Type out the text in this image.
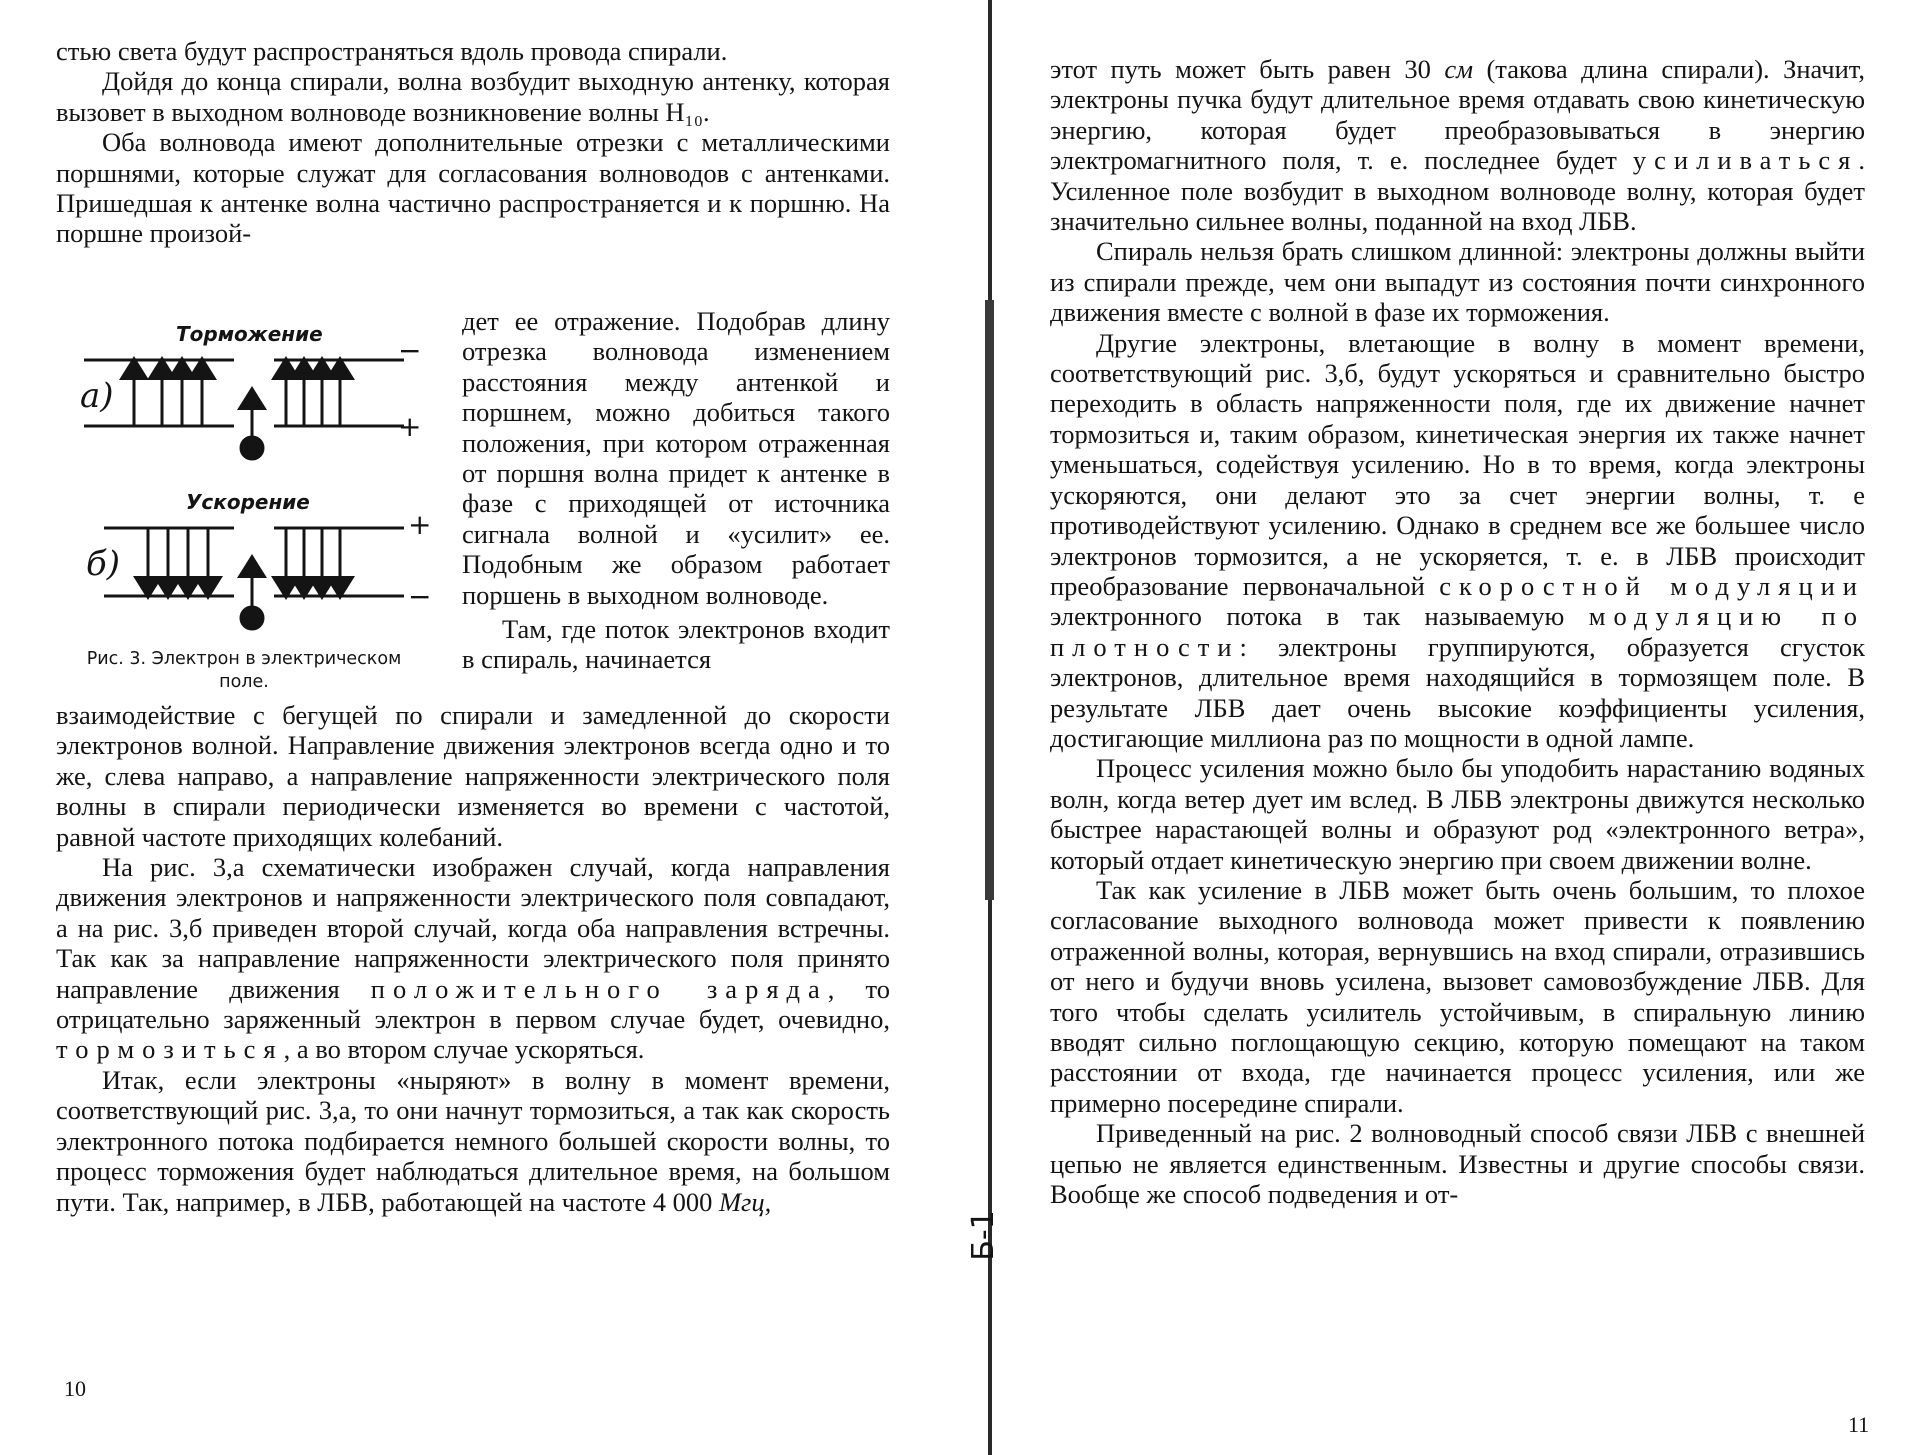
стью света будут распространяться вдоль провода спирали.

Дойдя до конца спирали, волна возбудит выходную антенку, которая вызовет в выходном волноводе возникновение волны H₁₀.

Оба волновода имеют дополнительные отрезки с металлическими поршнями, которые служат для согласования волноводов с антенками. Пришедшая к антенке волна частично распространяется и к поршню. На поршне произой-

Торможение
Ускорение
а)
б)
−
+
+
−
Рис. 3. Электрон в электрическом поле.

дет ее отражение. Подобрав длину отрезка волновода изменением расстояния между антенкой и поршнем, можно добиться такого положения, при котором отраженная от поршня волна придет к антенке в фазе с приходящей от источника сигнала волной и «усилит» ее. Подобным же образом работает поршень в выходном волноводе.

Там, где поток электронов входит в спираль, начинается

взаимодействие с бегущей по спирали и замедленной до скорости электронов волной. Направление движения электронов всегда одно и то же, слева направо, а направление напряженности электрического поля волны в спирали периодически изменяется во времени с частотой, равной частоте приходящих колебаний.

На рис. 3,а схематически изображен случай, когда направления движения электронов и напряженности электрического поля совпадают, а на рис. 3,б приведен второй случай, когда оба направления встречны. Так как за направление напряженности электрического поля принято направление движения положительного заряда, то отрицательно заряженный электрон в первом случае будет, очевидно, тормозиться, а во втором случае ускоряться.

Итак, если электроны «ныряют» в волну в момент времени, соответствующий рис. 3,а, то они начнут тормозиться, а так как скорость электронного потока подбирается немного большей скорости волны, то процесс торможения будет наблюдаться длительное время, на большом пути. Так, например, в ЛБВ, работающей на частоте 4 000 Мгц,

10
Б-1

этот путь может быть равен 30 см (такова длина спирали). Значит, электроны пучка будут длительное время отдавать свою кинетическую энергию, которая будет преобразовываться в энергию электромагнитного поля, т. е. последнее будет усиливаться. Усиленное поле возбудит в выходном волноводе волну, которая будет значительно сильнее волны, поданной на вход ЛБВ.

Спираль нельзя брать слишком длинной: электроны должны выйти из спирали прежде, чем они выпадут из состояния почти синхронного движения вместе с волной в фазе их торможения.

Другие электроны, влетающие в волну в момент времени, соответствующий рис. 3,б, будут ускоряться и сравнительно быстро переходить в область напряженности поля, где их движение начнет тормозиться и, таким образом, кинетическая энергия их также начнет уменьшаться, содействуя усилению. Но в то время, когда электроны ускоряются, они делают это за счет энергии волны, т. е противодействуют усилению. Однако в среднем все же большее число электронов тормозится, а не ускоряется, т. е. в ЛБВ происходит преобразование первоначальной скоростной модуляции электронного потока в так называемую модуляцию по плотности: электроны группируются, образуется сгусток электронов, длительное время находящийся в тормозящем поле. В результате ЛБВ дает очень высокие коэффициенты усиления, достигающие миллиона раз по мощности в одной лампе.

Процесс усиления можно было бы уподобить нарастанию водяных волн, когда ветер дует им вслед. В ЛБВ электроны движутся несколько быстрее нарастающей волны и образуют род «электронного ветра», который отдает кинетическую энергию при своем движении волне.

Так как усиление в ЛБВ может быть очень большим, то плохое согласование выходного волновода может привести к появлению отраженной волны, которая, вернувшись на вход спирали, отразившись от него и будучи вновь усилена, вызовет самовозбуждение ЛБВ. Для того чтобы сделать усилитель устойчивым, в спиральную линию вводят сильно поглощающую секцию, которую помещают на таком расстоянии от входа, где начинается процесс усиления, или же примерно посередине спирали.

Приведенный на рис. 2 волноводный способ связи ЛБВ с внешней цепью не является единственным. Известны и другие способы связи. Вообще же способ подведения и от-

11
